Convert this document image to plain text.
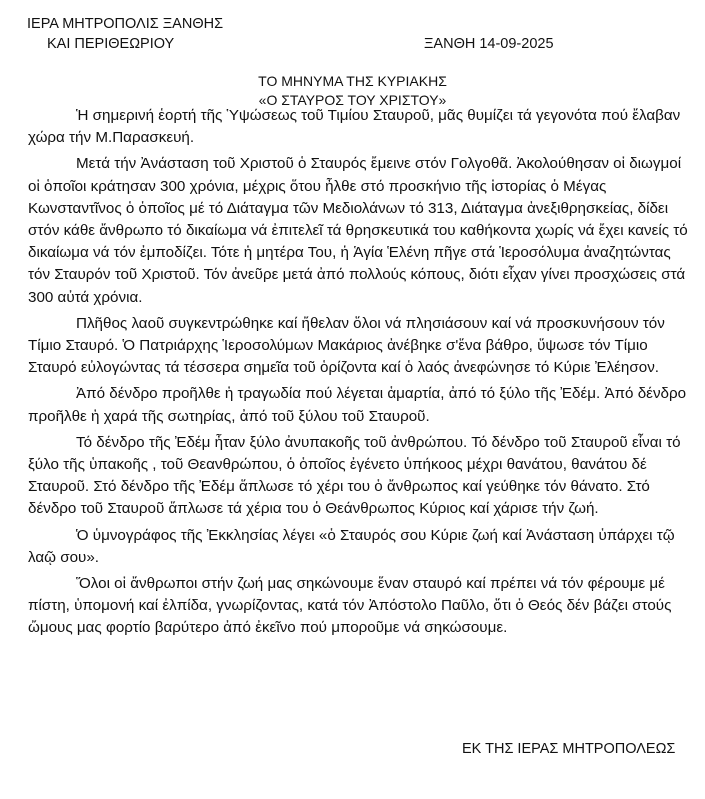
ΙΕΡΑ ΜΗΤΡΟΠΟΛΙΣ ΞΑΝΘΗΣ
ΚΑΙ ΠΕΡΙΘΕΩΡΙΟΥ	ΞΑΝΘΗ 14-09-2025
ΤΟ ΜΗΝΥΜΑ ΤΗΣ ΚΥΡΙΑΚΗΣ
«Ο ΣΤΑΥΡΟΣ ΤΟΥ ΧΡΙΣΤΟΥ»

Ἡ σημερινή ἑορτή τῆς Ὑψώσεως τοῦ Τιμίου Σταυροῦ, μᾶς θυμίζει τά γεγονότα πού ἔλαβαν χώρα τήν Μ.Παρασκευή.

Μετά τήν Ἀνάσταση τοῦ Χριστοῦ ὁ Σταυρός ἔμεινε στόν Γολγοθᾶ. Ἀκολούθησαν οἱ διωγμοί οἱ ὁποῖοι κράτησαν 300 χρόνια, μέχρις ὅτου ἦλθε στό προσκήνιο τῆς ἱστορίας ὁ Μέγας Κωνσταντῖνος ὁ ὁποῖος μέ τό Διάταγμα τῶν Μεδιολάνων τό 313, Διάταγμα ἀνεξιθρησκείας, δίδει στόν κάθε ἄνθρωπο τό δικαίωμα νά ἐπιτελεῖ τά θρησκευτικά του καθήκοντα χωρίς νά ἔχει κανείς τό δικαίωμα νά τόν ἐμποδίζει. Τότε ἡ μητέρα Του, ἡ Ἁγία Ἑλένη πῆγε στά Ἱεροσόλυμα ἀναζητώντας τόν Σταυρόν τοῦ Χριστοῦ. Τόν ἀνεῦρε μετά ἀπό πολλούς κόπους, διότι εἶχαν γίνει προσχώσεις στά 300 αὐτά χρόνια.

Πλῆθος λαοῦ συγκεντρώθηκε καί ἤθελαν ὅλοι νά πλησιάσουν καί νά προσκυνήσουν τόν Τίμιο Σταυρό. Ὁ Πατριάρχης Ἱεροσολύμων Μακάριος ἀνέβηκε σ'ἕνα βάθρο, ὕψωσε τόν Τίμιο Σταυρό εὐλογώντας τά τέσσερα σημεῖα τοῦ ὁρίζοντα καί ὁ λαός ἀνεφώνησε τό Κύριε Ἐλέησον.

Ἀπό δένδρο προῆλθε ἡ τραγωδία πού λέγεται ἁμαρτία, ἀπό τό ξύλο τῆς Ἐδέμ. Ἀπό δένδρο προῆλθε ἡ χαρά τῆς σωτηρίας, ἀπό τοῦ ξύλου τοῦ Σταυροῦ.

Τό δένδρο τῆς Ἐδέμ ἦταν ξύλο ἀνυπακοῆς τοῦ ἀνθρώπου. Τό δένδρο τοῦ Σταυροῦ εἶναι τό ξύλο τῆς ὑπακοῆς , τοῦ Θεανθρώπου, ὁ ὁποῖος ἐγένετο ὑπήκοος μέχρι θανάτου, θανάτου δέ Σταυροῦ. Στό δένδρο τῆς Ἐδέμ ἅπλωσε τό χέρι του ὁ ἄνθρωπος καί γεύθηκε τόν θάνατο. Στό δένδρο τοῦ Σταυροῦ ἅπλωσε τά χέρια του ὁ Θεάνθρωπος Κύριος καί χάρισε τήν ζωή.

Ὁ ὑμνογράφος τῆς Ἐκκλησίας λέγει «ὁ Σταυρός σου Κύριε ζωή καί Ἀνάσταση ὑπάρχει τῷ λαῷ σου».

Ὅλοι οἱ ἄνθρωποι στήν ζωή μας σηκώνουμε ἕναν σταυρό καί πρέπει νά τόν φέρουμε μέ πίστη, ὑπομονή καί ἐλπίδα, γνωρίζοντας, κατά τόν Ἀπόστολο Παῦλο, ὅτι ὁ Θεός δέν βάζει στούς ὤμους μας φορτίο βαρύτερο ἀπό ἐκεῖνο πού μποροῦμε νά σηκώσουμε.

ΕΚ ΤΗΣ ΙΕΡΑΣ ΜΗΤΡΟΠΟΛΕΩΣ
